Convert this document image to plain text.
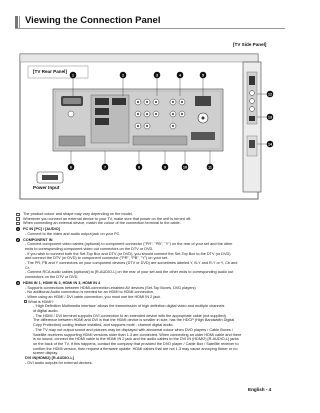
Viewing the Connection Panel
1	2	3	4	5
6	7	8	9	10	11
12
13
14
[TV Rear Panel]
[TV Side Panel]
Power Input
The product colour and shape may vary depending on the model.
Whenever you connect an external device to your TV, make sure that power on the unit is turned off.
When connecting an external device, match the colour of the connection terminal to the cable.
1	PC IN [PC] / [AUDIO]
- Connect to the video and audio output jack on your PC.
2	COMPONENT IN
- Connect component video cables (optional) to component connector ("PR", "PB", "Y") on the rear of your set and the other
ends to corresponding component video out connectors on the DTV or DVD.
- If you wish to connect both the Set-Top Box and DTV (or DVD), you should connect the Set-Top Box to the DTV (or DVD)
and connect the DTV (or DVD) to component connector ("PR", "PB", "Y") on your set.
- The PR, PB and Y connectors on your component devices (DTV or DVD) are sometimes labeled Y, B-Y and R-Y or Y, Cb and
Cr.
- Connect RCA audio cables (optional) to [R-AUDIO-L] on the rear of your set and the other ends to corresponding audio out
connectors on the DTV or DVD.
3	HDMI IN 1, HDMI IN 2, HDMI IN 3, HDMI IN 4
- Supports connections between HDMI-connection-enabled AV devices (Set-Top Boxes, DVD players)
- No additional Audio connection is needed for an HDMI to HDMI connection.
- When using an HDMI / DVI cable connection, you must use the HDMI IN 2 jack.
What is HDMI?
- 'High Definition Multimedia interface' allows the transmission of high definition digital video and multiple channels
of digital audio.
- The HDMI / DVI terminal supports DVI connection to an extended device with the appropriate cable (not supplied).
The difference between HDMI and DVI is that the HDMI device is smaller in size, has the HDCP (High Bandwidth Digital
Copy Protection) coding feature installed, and supports multi - channel digital audio.
- The TV may not output sound and pictures may be displayed with abnormal colour when DVD players / Cable Boxes /
Satellite receivers supporting HDMI versions older than 1.3 are connected. When connecting an older HDMI cable and there
is no sound, connect the HDMI cable to the HDMI IN 2 jack and the audio cables to the DVI IN (HDMI2) [R-AUDIO-L] jacks
on the back of the TV. If this happens, contact the company that provided the DVD player / Cable Box / Satellite receiver to
confirm the HDMI version, then request a firmware update. HDMI cables that are not 1.3 may cause annoying flicker or no
screen display.
DVI IN(HDMI2) [R-AUDIO-L]
- DVI audio outputs for external devices.
English - 4
